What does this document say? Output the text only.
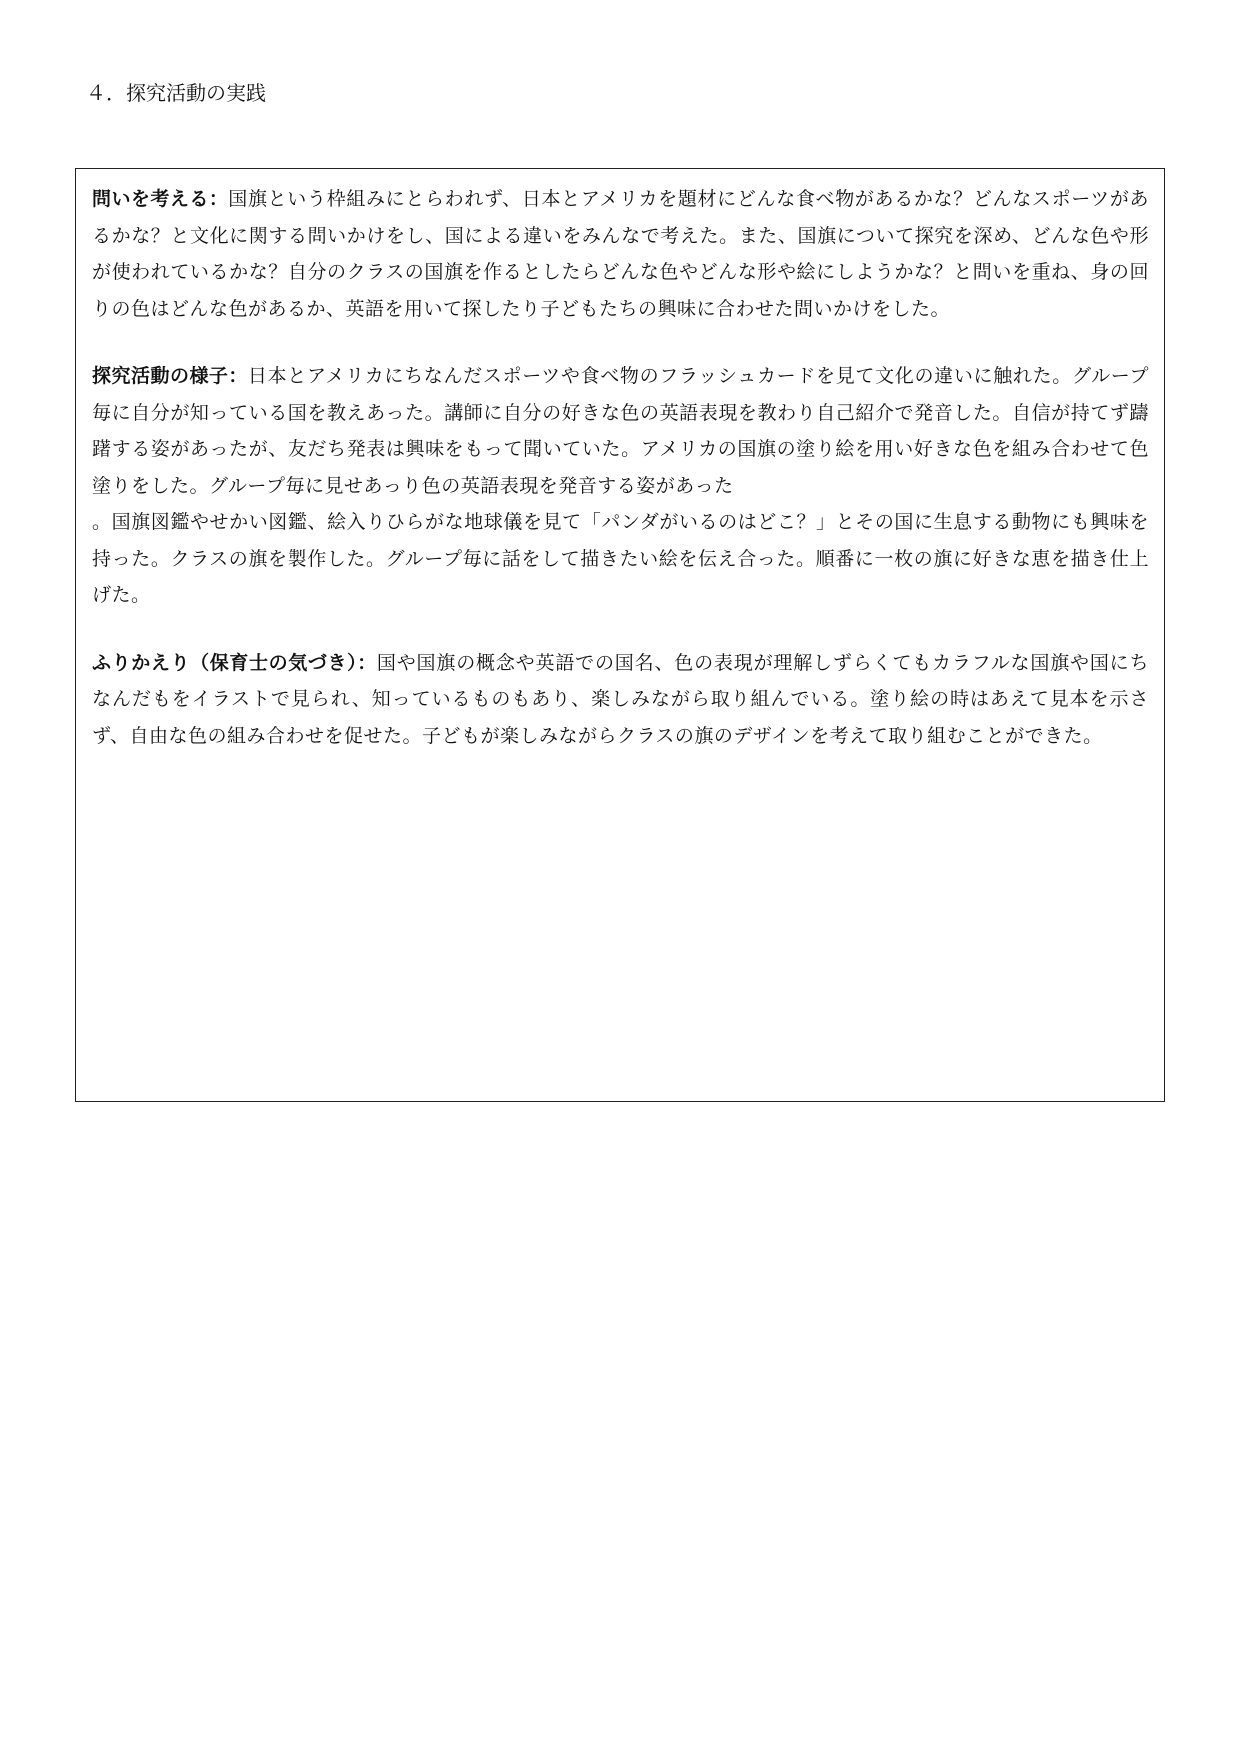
４．探究活動の実践

問いを考える：国旗という枠組みにとらわれず、日本とアメリカを題材にどんな食べ物があるかな？どんなスポーツがあるかな？と文化に関する問いかけをし、国による違いをみんなで考えた。また、国旗について探究を深め、どんな色や形が使われているかな？自分のクラスの国旗を作るとしたらどんな色やどんな形や絵にしようかな？と問いを重ね、身の回りの色はどんな色があるか、英語を用いて探したり子どもたちの興味に合わせた問いかけをした。

探究活動の様子：日本とアメリカにちなんだスポーツや食べ物のフラッシュカードを見て文化の違いに触れた。グループ毎に自分が知っている国を教えあった。講師に自分の好きな色の英語表現を教わり自己紹介で発音した。自信が持てず躊躇する姿があったが、友だち発表は興味をもって聞いていた。アメリカの国旗の塗り絵を用い好きな色を組み合わせて色塗りをした。グループ毎に見せあっり色の英語表現を発音する姿があった
。国旗図鑑やせかい図鑑、絵入りひらがな地球儀を見て「パンダがいるのはどこ？」とその国に生息する動物にも興味を持った。クラスの旗を製作した。グループ毎に話をして描きたい絵を伝え合った。順番に一枚の旗に好きな恵を描き仕上げた。

ふりかえり（保育士の気づき）：国や国旗の概念や英語での国名、色の表現が理解しずらくてもカラフルな国旗や国にちなんだもをイラストで見られ、知っているものもあり、楽しみながら取り組んでいる。塗り絵の時はあえて見本を示さず、自由な色の組み合わせを促せた。子どもが楽しみながらクラスの旗のデザインを考えて取り組むことができた。
